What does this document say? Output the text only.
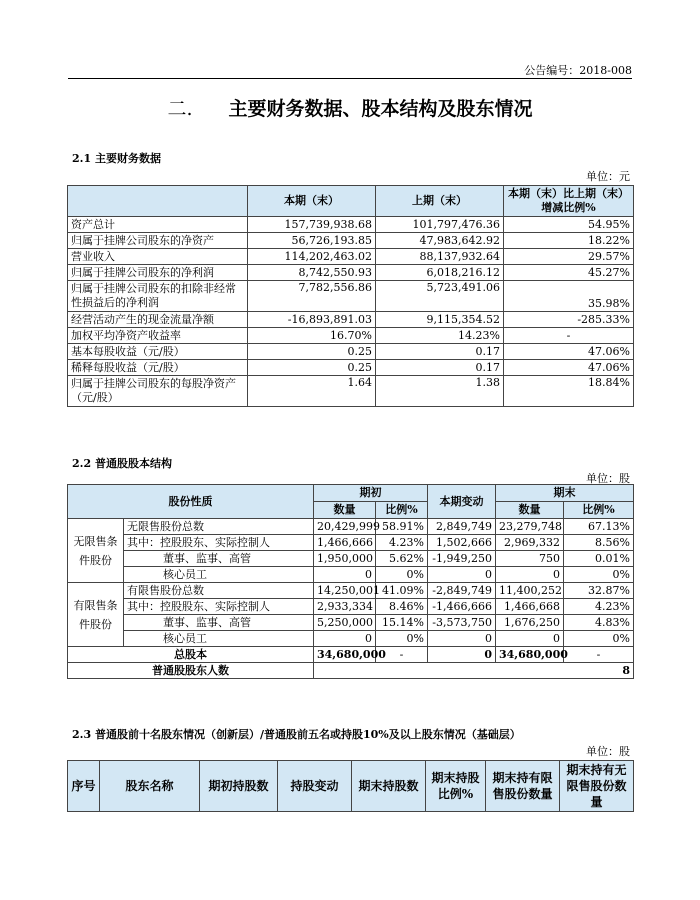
公告编号：2018-008
二. 主要财务数据、股本结构及股东情况
2.1 主要财务数据
单位：元
	本期（末）	上期（末）	本期（末）比上期（末）增减比例%
资产总计	157,739,938.68	101,797,476.36	54.95%
归属于挂牌公司股东的净资产	56,726,193.85	47,983,642.92	18.22%
营业收入	114,202,463.02	88,137,932.64	29.57%
归属于挂牌公司股东的净利润	8,742,550.93	6,018,216.12	45.27%
归属于挂牌公司股东的扣除非经常性损益后的净利润	7,782,556.86	5,723,491.06	35.98%
经营活动产生的现金流量净额	-16,893,891.03	9,115,354.52	-285.33%
加权平均净资产收益率	16.70%	14.23%	-
基本每股收益（元/股）	0.25	0.17	47.06%
稀释每股收益（元/股）	0.25	0.17	47.06%
归属于挂牌公司股东的每股净资产（元/股）	1.64	1.38	18.84%
2.2 普通股股本结构
单位：股
股份性质		期初		本期变动	期末	
		数量	比例%		数量	比例%
无限售条件股份	无限售股份总数	20,429,999	58.91%	2,849,749	23,279,748	67.13%
	其中：控股股东、实际控制人	1,466,666	4.23%	1,502,666	2,969,332	8.56%
	董事、监事、高管	1,950,000	5.62%	-1,949,250	750	0.01%
	核心员工	0	0%	0	0	0%
有限售条件股份	有限售股份总数	14,250,001	41.09%	-2,849,749	11,400,252	32.87%
	其中：控股股东、实际控制人	2,933,334	8.46%	-1,466,666	1,466,668	4.23%
	董事、监事、高管	5,250,000	15.14%	-3,573,750	1,676,250	4.83%
	核心员工	0	0%	0	0	0%
总股本		34,680,000	-	0	34,680,000	-
普通股股东人数		8				
2.3 普通股前十名股东情况（创新层）/普通股前五名或持股10%及以上股东情况（基础层）
单位：股
序号	股东名称	期初持股数	持股变动	期末持股数	期末持股比例%	期末持有限售股份数量	期末持有无限售股份数量
